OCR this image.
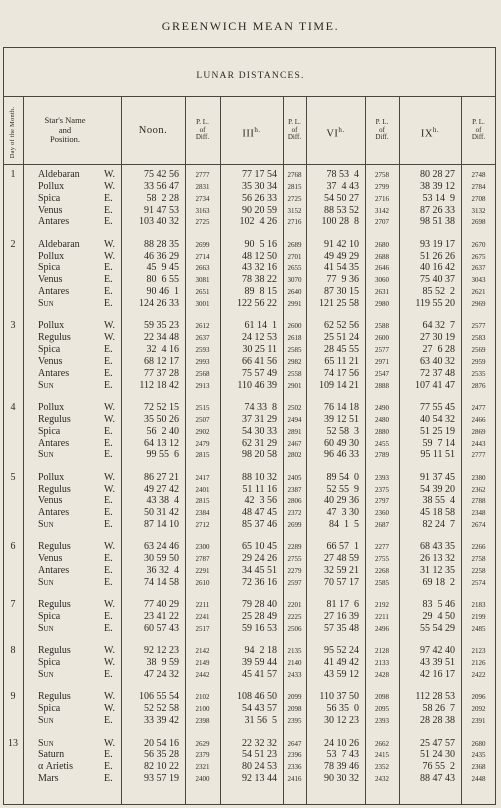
GREENWICH MEAN TIME.
LUNAR DISTANCES.
Day of the Month.	Star's Name
and
Position.
Noon.	$III^{h.}$	$VI^{h.}$	$IX^{h.}$
P. L.
of
Diff.
P. L.
of
Diff.
P. L.
of
Diff.
P. L.
of
Diff.
1	Aldebaran W.	75 42 56	2777	77 17 54	2768	78 53  4	2758	80 28 27	2748
Pollux	W.	33 56 47	2831	35 30 34	2815	37  4 43	2799	38 39 12	2784
Spica	E.	58  2 28	2734	56 26 33	2725	54 50 27	2716	53 14  9	2708
Venus	E.	91 47 53	3163	90 20 59	3152	88 53 52	3142	87 26 33	3132
Antares	E.	103 40 32	2725	102  4 26	2716	100 28  8	2707	98 51 38	2698
2	Aldebaran W.	88 28 35	2699	90  5 16	2689	91 42 10	2680	93 19 17	2670
Pollux	W.	46 36 29	2714	48 12 50	2701	49 49 29	2688	51 26 26	2675
Spica	E.	45  9 45	2663	43 32 16	2655	41 54 35	2646	40 16 42	2637
Venus	E.	80  6 55	3081	78 38 22	3070	77  9 36	3060	75 40 37	3043
Antares	E.	90 46  1	2651	89  8 15	2640	87 30 15	2631	85 52  2	2621
Sun	E.	124 26 33	3001	122 56 22	2991	121 25 58	2980	119 55 20	2969
3	Pollux	W.	59 35 23	2612	61 14  1	2600	62 52 56	2588	64 32  7	2577
Regulus	W.	22 34 48	2637	24 12 53	2618	25 51 24	2600	27 30 19	2583
Spica	E.	32  4 16	2593	30 25 11	2585	28 45 55	2577	27  6 28	2569
Venus	E.	68 12 17	2993	66 41 56	2982	65 11 21	2971	63 40 32	2959
Antares	E.	77 37 28	2568	75 57 49	2558	74 17 56	2547	72 37 48	2535
Sun	E.	112 18 42	2913	110 46 39	2901	109 14 21	2888	107 41 47	2876
4	Pollux	W.	72 52 15	2515	74 33  8	2502	76 14 18	2490	77 55 45	2477
Regulus	W.	35 50 26	2507	37 31 29	2494	39 12 51	2480	40 54 32	2466
Spica	E.	56  2 40	2902	54 30 33	2891	52 58  3	2880	51 25 19	2869
Antares	E.	64 13 12	2479	62 31 29	2467	60 49 30	2455	59  7 14	2443
Sun	E.	99 55  6	2815	98 20 58	2802	96 46 33	2789	95 11 51	2777
5	Pollux	W.	86 27 21	2417	88 10 32	2405	89 54  0	2393	91 37 45	2380
Regulus	W.	49 27 42	2401	51 11 16	2387	52 55  9	2375	54 39 20	2362
Venus	E.	43 38  4	2815	42  3 56	2806	40 29 36	2797	38 55  4	2788
Antares	E.	50 31 42	2384	48 47 45	2372	47  3 30	2360	45 18 58	2348
Sun	E.	87 14 10	2712	85 37 46	2699	84  1  5	2687	82 24  7	2674
6	Regulus	W.	63 24 46	2300	65 10 45	2289	66 57  1	2277	68 43 35	2266
Venus	E.	30 59 50	2787	29 24 26	2755	27 48 59	2755	26 13 32	2758
Antares	E.	36 32  4	2291	34 45 51	2279	32 59 21	2268	31 12 35	2258
Sun	E.	74 14 58	2610	72 36 16	2597	70 57 17	2585	69 18  2	2574
7	Regulus	W.	77 40 29	2211	79 28 40	2201	81 17  6	2192	83  5 46	2183
Spica	E.	23 41 22	2241	25 28 49	2225	27 16 39	2211	29  4 50	2199
Sun	E.	60 57 43	2517	59 16 53	2506	57 35 48	2496	55 54 29	2485
8	Regulus	W.	92 12 23	2142	94  2 18	2135	95 52 24	2128	97 42 40	2123
Spica	W.	38  9 59	2149	39 59 44	2140	41 49 42	2133	43 39 51	2126
Sun	E.	47 24 32	2442	45 41 57	2433	43 59 12	2428	42 16 17	2422
9	Regulus	W.	106 55 54	2102	108 46 50	2099	110 37 50	2098	112 28 53	2096
Spica	W.	52 52 58	2100	54 43 57	2098	56 35  0	2095	58 26  7	2092
Sun	E.	33 39 42	2398	31 56  5	2395	30 12 23	2393	28 28 38	2391
13	Sun	W.	20 54 16	2629	22 32 32	2647	24 10 26	2662	25 47 57	2680
Saturn	E.	56 35 28	2379	54 51 23	2396	53  7 43	2415	51 24 30	2435
α Arietis	E.	82 10 22	2321	80 24 53	2336	78 39 46	2352	76 55  2	2368
Mars	E.	93 57 19	2400	92 13 44	2416	90 30 32	2432	88 47 43	2448
